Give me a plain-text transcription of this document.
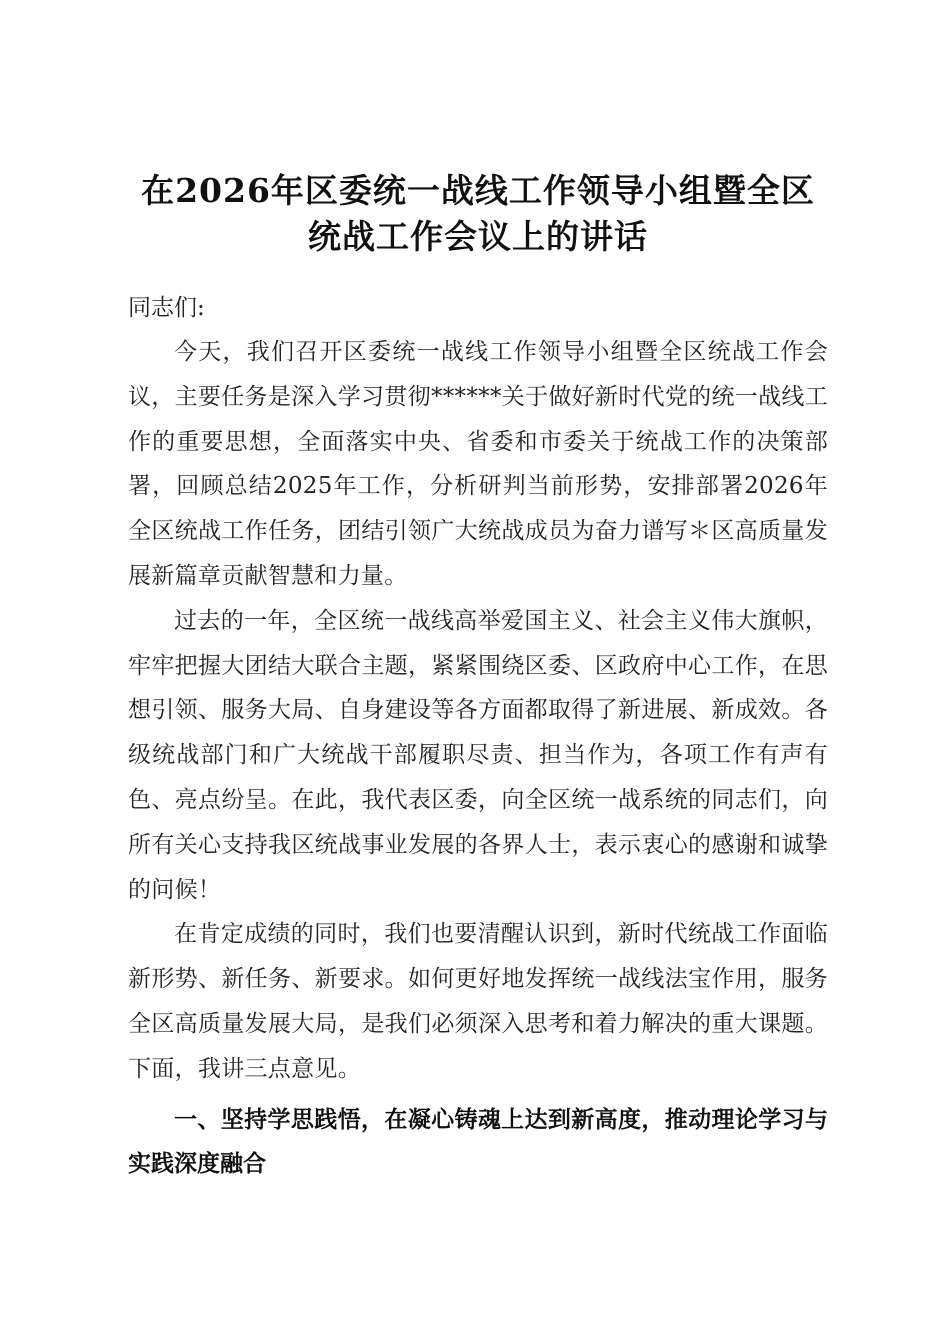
在2026年区委统一战线工作领导小组暨全区
统战工作会议上的讲话

同志们:

今天，我们召开区委统一战线工作领导小组暨全区统战工作会议，主要任务是深入学习贯彻******关于做好新时代党的统一战线工作的重要思想，全面落实中央、省委和市委关于统战工作的决策部署，回顾总结2025年工作，分析研判当前形势，安排部署2026年全区统战工作任务，团结引领广大统战成员为奋力谱写＊区高质量发展新篇章贡献智慧和力量。

过去的一年，全区统一战线高举爱国主义、社会主义伟大旗帜，牢牢把握大团结大联合主题，紧紧围绕区委、区政府中心工作，在思想引领、服务大局、自身建设等各方面都取得了新进展、新成效。各级统战部门和广大统战干部履职尽责、担当作为，各项工作有声有色、亮点纷呈。在此，我代表区委，向全区统一战系统的同志们，向所有关心支持我区统战事业发展的各界人士，表示衷心的感谢和诚挚的问候！

在肯定成绩的同时，我们也要清醒认识到，新时代统战工作面临新形势、新任务、新要求。如何更好地发挥统一战线法宝作用，服务全区高质量发展大局，是我们必须深入思考和着力解决的重大课题。下面，我讲三点意见。

一、坚持学思践悟，在凝心铸魂上达到新高度，推动理论学习与实践深度融合
